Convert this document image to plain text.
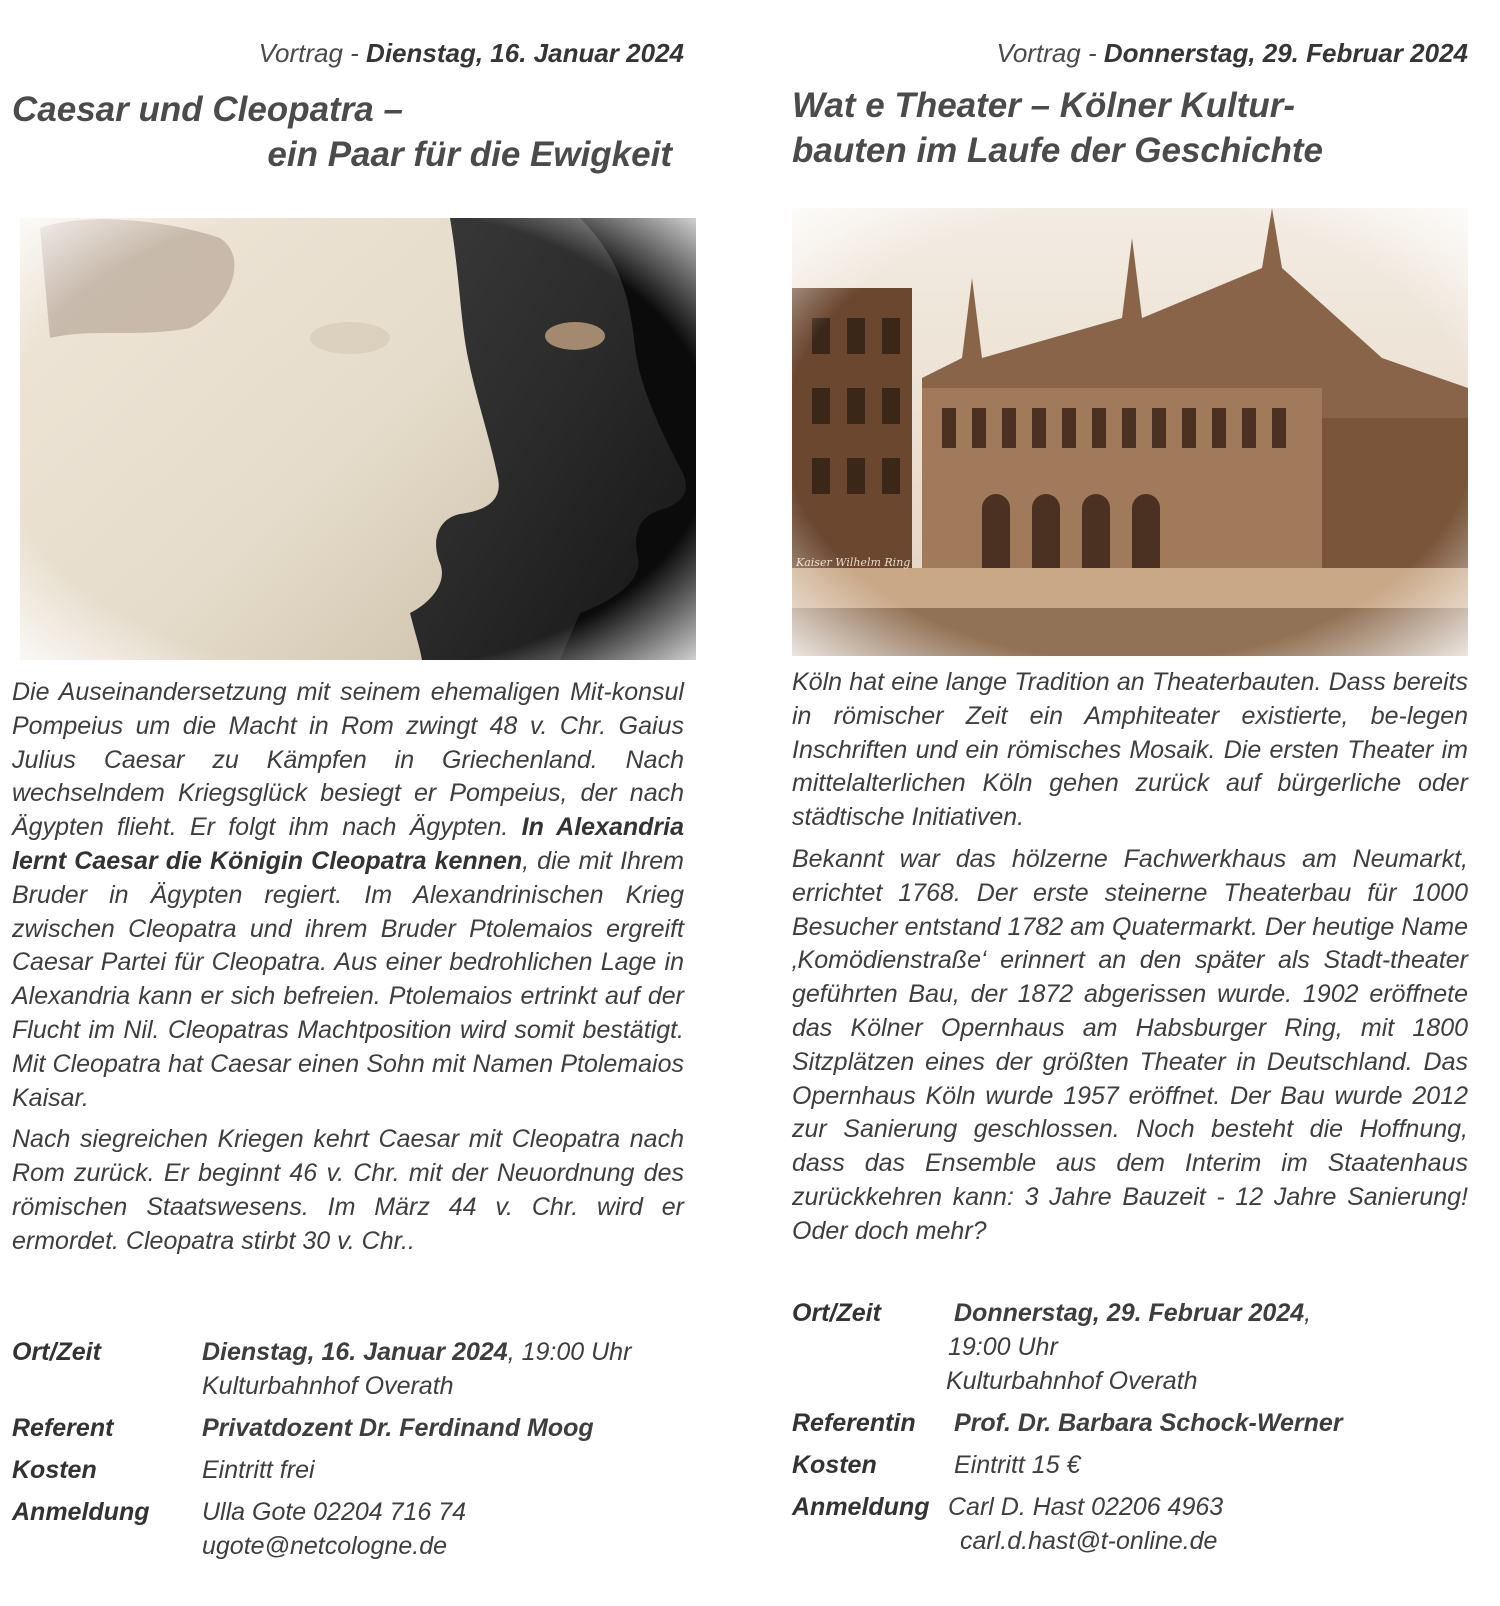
Vortrag - Dienstag, 16. Januar 2024
Caesar und Cleopatra –
ein Paar für die Ewigkeit

Die Auseinandersetzung mit seinem ehemaligen Mit-konsul Pompeius um die Macht in Rom zwingt 48 v. Chr. Gaius Julius Caesar zu Kämpfen in Griechenland. Nach wechselndem Kriegsglück besiegt er Pompeius, der nach Ägypten flieht. Er folgt ihm nach Ägypten. In Alexandria lernt Caesar die Königin Cleopatra kennen, die mit Ihrem Bruder in Ägypten regiert. Im Alexandrinischen Krieg zwischen Cleopatra und ihrem Bruder Ptolemaios ergreift Caesar Partei für Cleopatra. Aus einer bedrohlichen Lage in Alexandria kann er sich befreien. Ptolemaios ertrinkt auf der Flucht im Nil. Cleopatras Machtposition wird somit bestätigt. Mit Cleopatra hat Caesar einen Sohn mit Namen Ptolemaios Kaisar.

Nach siegreichen Kriegen kehrt Caesar mit Cleopatra nach Rom zurück. Er beginnt 46 v. Chr. mit der Neuordnung des römischen Staatswesens. Im März 44 v. Chr. wird er ermordet. Cleopatra stirbt 30 v. Chr..

Ort/Zeit	Dienstag, 16. Januar 2024, 19:00 Uhr
Kulturbahnhof Overath
Referent	Privatdozent Dr. Ferdinand Moog
Kosten	Eintritt frei
Anmeldung	Ulla Gote 02204 716 74
ugote@netcologne.de
Vortrag - Donnerstag, 29. Februar 2024
Wat e Theater – Kölner Kultur-
bauten im Laufe der Geschichte

Köln hat eine lange Tradition an Theaterbauten. Dass bereits in römischer Zeit ein Amphiteater existierte, be-legen Inschriften und ein römisches Mosaik. Die ersten Theater im mittelalterlichen Köln gehen zurück auf bürgerliche oder städtische Initiativen.

Bekannt war das hölzerne Fachwerkhaus am Neumarkt, errichtet 1768. Der erste steinerne Theaterbau für 1000 Besucher entstand 1782 am Quatermarkt. Der heutige Name ‚Komödienstraße‘ erinnert an den später als Stadt-theater geführten Bau, der 1872 abgerissen wurde. 1902 eröffnete das Kölner Opernhaus am Habsburger Ring, mit 1800 Sitzplätzen eines der größten Theater in Deutschland. Das Opernhaus Köln wurde 1957 eröffnet. Der Bau wurde 2012 zur Sanierung geschlossen. Noch besteht die Hoffnung, dass das Ensemble aus dem Interim im Staatenhaus zurückkehren kann: 3 Jahre Bauzeit - 12 Jahre Sanierung! Oder doch mehr?

Ort/Zeit	Donnerstag, 29. Februar 2024,
19:00 Uhr
Kulturbahnhof Overath
Referentin	Prof. Dr. Barbara Schock-Werner
Kosten	Eintritt 15 €
Anmeldung Carl D. Hast 02206 4963
carl.d.hast@t-online.de
